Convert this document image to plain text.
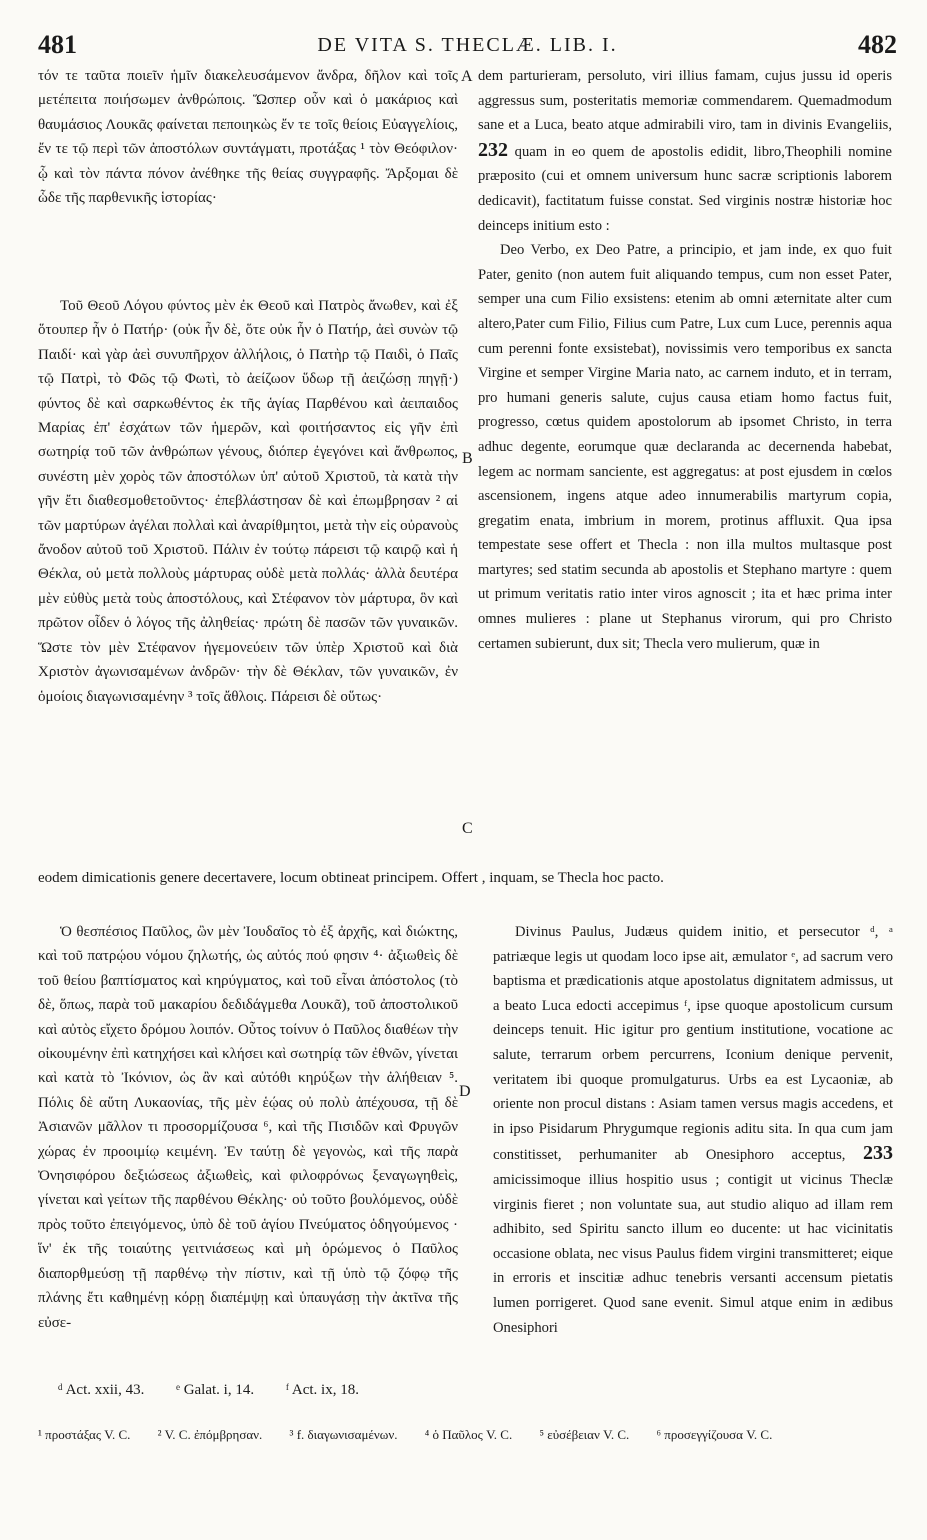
481	DE VITA S. THECLÆ. LIB. I.	482

τόν τε ταῦτα ποιεῖν ἡμῖν διακελευσάμενον ἄνδρα, δῆλον καὶ τοῖς μετέπειτα ποιήσωμεν ἀνθρώποις. Ὥσπερ οὖν καὶ ὁ μακάριος καὶ θαυμάσιος Λουκᾶς φαίνεται πεποιηκὼς ἔν τε τοῖς θείοις Εὐαγγελίοις, ἔν τε τῷ περὶ τῶν ἀποστόλων συντάγματι, προτάξας ¹ τὸν Θεόφιλον· ᾧ καὶ τὸν πάντα πόνον ἀνέθηκε τῆς θείας συγγραφῆς. Ἄρξομαι δὲ ὧδε τῆς παρθενικῆς ἱστορίας·

Τοῦ Θεοῦ Λόγου φύντος μὲν ἐκ Θεοῦ καὶ Πατρὸς ἄνωθεν, καὶ ἐξ ὅτουπερ ἦν ὁ Πατήρ· (οὐκ ἦν δὲ, ὅτε οὐκ ἦν ὁ Πατήρ, ἀεὶ συνὼν τῷ Παιδί· καὶ γὰρ ἀεὶ συνυπῆρχον ἀλλήλοις, ὁ Πατὴρ τῷ Παιδὶ, ὁ Παῖς τῷ Πατρὶ, τὸ Φῶς τῷ Φωτὶ, τὸ ἀείζωον ὕδωρ τῇ ἀειζώσῃ πηγῇ·) φύντος δὲ καὶ σαρκωθέντος ἐκ τῆς ἁγίας Παρθένου καὶ ἀειπαιδος Μαρίας ἐπ' ἐσχάτων τῶν ἡμερῶν, καὶ φοιτήσαντος εἰς γῆν ἐπὶ σωτηρίᾳ τοῦ τῶν ἀνθρώπων γένους, διόπερ ἐγεγόνει καὶ ἄνθρωπος, συνέστη μὲν χορὸς τῶν ἀποστόλων ὑπ' αὐτοῦ Χριστοῦ, τὰ κατὰ τὴν γῆν ἔτι διαθεσμοθετοῦντος· ἐπεβλάστησαν δὲ καὶ ἐπωμβρησαν ² αἱ τῶν μαρτύρων ἀγέλαι πολλαὶ καὶ ἀναρίθμητοι, μετὰ τὴν εἰς οὐρανοὺς ἄνοδον αὐτοῦ τοῦ Χριστοῦ. Πάλιν ἐν τούτῳ πάρεισι τῷ καιρῷ καὶ ἡ Θέκλα, οὐ μετὰ πολλοὺς μάρτυρας οὐδὲ μετὰ πολλάς· ἀλλὰ δευτέρα μὲν εὐθὺς μετὰ τοὺς ἀποστόλους, καὶ Στέφανον τὸν μάρτυρα, ὃν καὶ πρῶτον οἶδεν ὁ λόγος τῆς ἀληθείας· πρώτη δὲ πασῶν τῶν γυναικῶν. Ὥστε τὸν μὲν Στέφανον ἡγεμονεύειν τῶν ὑπὲρ Χριστοῦ καὶ διὰ Χριστὸν ἀγωνισαμένων ἀνδρῶν· τὴν δὲ Θέκλαν, τῶν γυναικῶν, ἐν ὁμοίοις διαγωνισαμένην ³ τοῖς ἄθλοις. Πάρεισι δὲ οὕτως·

A
B
C
D

dem parturieram, persoluto, viri illius famam, cujus jussu id operis aggressus sum, posteritatis memoriæ commendarem. Quemadmodum sane et a Luca, beato atque admirabili viro, tam in divinis Evangeliis, 232 quam in eo quem de apostolis edidit, libro,Theophili nomine præposito (cui et omnem universum hunc sacræ scriptionis laborem dedicavit), factitatum fuisse constat. Sed virginis nostræ historiæ hoc deinceps initium esto :

Deo Verbo, ex Deo Patre, a principio, et jam inde, ex quo fuit Pater, genito (non autem fuit aliquando tempus, cum non esset Pater, semper una cum Filio exsistens: etenim ab omni æternitate alter cum altero,Pater cum Filio, Filius cum Patre, Lux cum Luce, perennis aqua cum perenni fonte exsistebat), novissimis vero temporibus ex sancta Virgine et semper Virgine Maria nato, ac carnem induto, et in terram, pro humani generis salute, cujus causa etiam homo factus fuit, progresso, cœtus quidem apostolorum ab ipsomet Christo, in terra adhuc degente, eorumque quæ declaranda ac decernenda habebat, legem ac normam sanciente, est aggregatus: at post ejusdem in cœlos ascensionem, ingens atque adeo innumerabilis martyrum copia, gregatim enata, imbrium in morem, protinus affluxit. Qua ipsa tempestate sese offert et Thecla : non illa multos multasque post martyres; sed statim secunda ab apostolis et Stephano martyre : quem ut primum veritatis ratio inter viros agnoscit ; ita et hæc prima inter omnes mulieres : plane ut Stephanus virorum, qui pro Christo certamen subierunt, dux sit; Thecla vero mulierum, quæ in

eodem dimicationis genere decertavere, locum obtineat principem. Offert , inquam, se Thecla hoc pacto.

Ὁ θεσπέσιος Παῦλος, ὢν μὲν Ἰουδαῖος τὸ ἐξ ἀρχῆς, καὶ διώκτης, καὶ τοῦ πατρῴου νόμου ζηλωτής, ὡς αὐτός πού φησιν ⁴· ἀξιωθεὶς δὲ τοῦ θείου βαπτίσματος καὶ κηρύγματος, καὶ τοῦ εἶναι ἀπόστολος (τὸ δὲ, ὅπως, παρὰ τοῦ μακαρίου δεδιδάγμεθα Λουκᾶ), τοῦ ἀποστολικοῦ καὶ αὐτὸς εἴχετο δρόμου λοιπόν. Οὗτος τοίνυν ὁ Παῦλος διαθέων τὴν οἰκουμένην ἐπὶ κατηχήσει καὶ κλήσει καὶ σωτηρίᾳ τῶν ἐθνῶν, γίνεται καὶ κατὰ τὸ Ἰκόνιον, ὡς ἂν καὶ αὐτόθι κηρύξων τὴν ἀλήθειαν ⁵. Πόλις δὲ αὕτη Λυκαονίας, τῆς μὲν ἑῴας οὐ πολὺ ἀπέχουσα, τῇ δὲ Ἀσιανῶν μᾶλλον τι προσορμίζουσα ⁶, καὶ τῆς Πισιδῶν καὶ Φρυγῶν χώρας ἐν προοιμίῳ κειμένη. Ἐν ταύτῃ δὲ γεγονὼς, καὶ τῆς παρὰ Ὀνησιφόρου δεξιώσεως ἀξιωθεὶς, καὶ φιλοφρόνως ξεναγωγηθεὶς, γίνεται καὶ γείτων τῆς παρθένου Θέκλης· οὐ τοῦτο βουλόμενος, οὐδὲ πρὸς τοῦτο ἐπειγόμενος, ὑπὸ δὲ τοῦ ἁγίου Πνεύματος ὁδηγούμενος · ἵν' ἐκ τῆς τοιαύτης γειτνιάσεως καὶ μὴ ὁρώμενος ὁ Παῦλος διαπορθμεύσῃ τῇ παρθένῳ τὴν πίστιν, καὶ τῇ ὑπὸ τῷ ζόφῳ τῆς πλάνης ἔτι καθημένῃ κόρῃ διαπέμψῃ καὶ ὑπαυγάσῃ τὴν ἀκτῖνα τῆς εὐσε-

Divinus Paulus, Judæus quidem initio, et persecutor ᵈ, ᵃ patriæque legis ut quodam loco ipse ait, æmulator ᵉ, ad sacrum vero baptisma et prædicationis atque apostolatus dignitatem admissus, ut a beato Luca edocti accepimus ᶠ, ipse quoque apostolicum cursum deinceps tenuit. Hic igitur pro gentium institutione, vocatione ac salute, terrarum orbem percurrens, Iconium denique pervenit, veritatem ibi quoque promulgaturus. Urbs ea est Lycaoniæ, ab oriente non procul distans : Asiam tamen versus magis accedens, et in ipso Pisidarum Phrygumque regionis aditu sita. In qua cum jam constitisset, perhumaniter ab Onesiphoro acceptus, 233 amicissimoque illius hospitio usus ; contigit ut vicinus Theclæ virginis fieret ; non voluntate sua, aut studio aliquo ad illam rem adhibito, sed Spiritu sancto illum eo ducente: ut hac vicinitatis occasione oblata, nec visus Paulus fidem virgini transmitteret; eique in erroris et inscitiæ adhuc tenebris versanti accensum pietatis lumen porrigeret. Quod sane evenit. Simul atque enim in ædibus Onesiphori

ᵈ Act. xxii, 43. ᵉ Galat. i, 14. ᶠ Act. ix, 18.
¹ προστάξας V. C. ² V. C. ἐπόμβρησαν. ³ f. διαγωνισαμένων. ⁴ ὁ Παῦλος V. C. ⁵ εὐσέβειαν V. C. ⁶ προσεγγίζουσα V. C.
